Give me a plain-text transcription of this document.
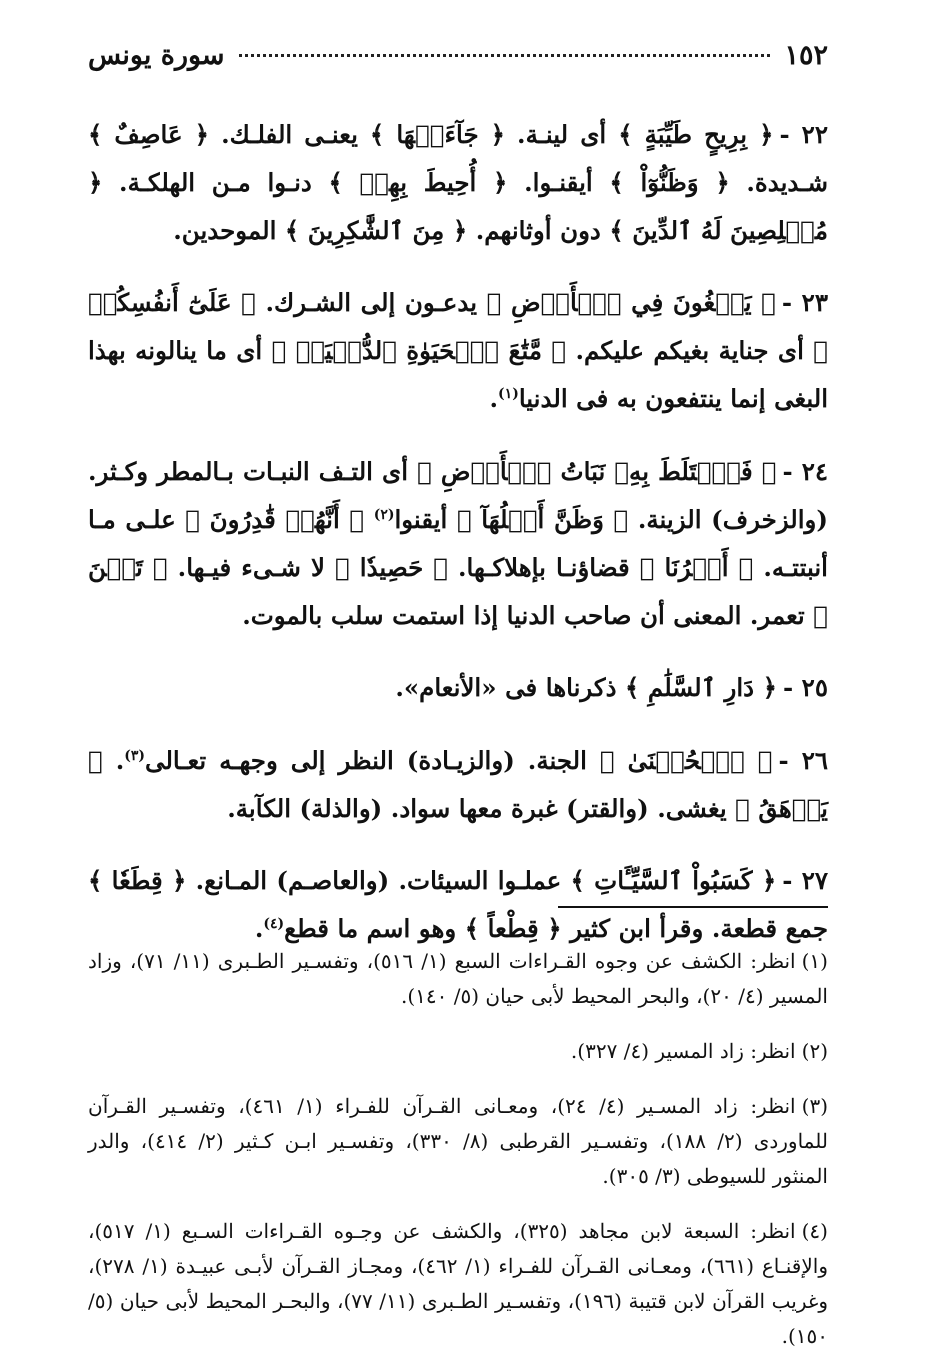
١٥٢
سورة يونس

٢٢ -﴿ بِرِيحٍ طَيِّبَةٍ ﴾ أى لينـة. ﴿ جَآءَتۡهَا ﴾ يعنـى الفلـك. ﴿ عَاصِفٌ ﴾ شـديدة. ﴿ وَظَنُّوٓاْ ﴾ أيقنـوا. ﴿ أُحِيطَ بِهِمۡ ﴾ دنـوا مـن الهلكـة. ﴿ مُخۡلِصِينَ لَهُ ٱلدِّينَ ﴾ دون أوثانهم. ﴿ مِنَ ٱلشَّٰكِرِينَ ﴾ الموحدين.

٢٣ -﴿ يَبۡغُونَ فِي ٱلۡأَرۡضِ ﴾ يدعـون إلى الشـرك. ﴿ عَلَىٰٓ أَنفُسِكُمۖ ﴾ أى جناية بغيكم عليكم. ﴿ مَّتَٰعَ ٱلۡحَيَوٰةِ ٱلدُّنۡيَاۖ ﴾ أى ما ينالونه بهذا البغى إنما ينتفعون به فى الدنيا$^{(١)}$.

٢٤ -﴿ فَٱخۡتَلَطَ بِهِۦ نَبَاتُ ٱلۡأَرۡضِ ﴾ أى التـف النبـات بـالمطر وكـثر. (والزخرف) الزينة. ﴿ وَظَنَّ أَهۡلُهَآ ﴾ أيقنوا$^{(٢)}$ ﴿ أَنَّهُمۡ قَٰدِرُونَ ﴾ علـى مـا أنبتتـه. ﴿ أَمۡرُنَا ﴾ قضاؤنـا بإهلاكـها. ﴿ حَصِيدٗا ﴾ لا شـىء فيـها. ﴿ تَغۡنَ ﴾ تعمر. المعنى أن صاحب الدنيا إذا استمت سلب بالموت.

٢٥ -﴿ دَارِ ٱلسَّلَٰمِ ﴾ ذكرناها فى «الأنعام».

٢٦ -﴿ ٱلۡحُسۡنَىٰ ﴾ الجنة. (والزيـادة) النظر إلى وجهـه تعـالى$^{(٣)}$. ﴿ يَرۡهَقُ ﴾ يغشى. (والقتر) غبرة معها سواد. (والذلة) الكآبة.

٢٧ -﴿ كَسَبُواْ ٱلسَّيِّـَٔاتِ ﴾ عملـوا السيئات. (والعاصـم) المـانع. ﴿ قِطَعٗا ﴾ جمع قطعة. وقرأ ابن كثير ﴿ قِطْعاً ﴾ وهو اسم ما قطع$^{(٤)}$.

(١)انظر: الكشف عن وجوه القـراءات السبع (١/ ٥١٦)، وتفسـير الطـبرى (١١/ ٧١)، وزاد المسير (٤/ ٢٠)، والبحر المحيط لأبى حيان (٥/ ١٤٠).

(٢)انظر: زاد المسير (٤/ ٣٢٧).

(٣)انظر: زاد المسـير (٤/ ٢٤)، ومعـانى القـرآن للفـراء (١/ ٤٦١)، وتفسـير القـرآن للماوردى (٢/ ١٨٨)، وتفسـير القرطبى (٨/ ٣٣٠)، وتفسـير ابـن كـثير (٢/ ٤١٤)، والدر المنثور للسيوطى (٣/ ٣٠٥).

(٤)انظر: السبعة لابن مجاهد (٣٢٥)، والكشف عن وجـوه القـراءات السـبع (١/ ٥١٧)، والإقنـاع (٦٦١)، ومعـانى القـرآن للفـراء (١/ ٤٦٢)، ومجـاز القـرآن لأبـى عبيـدة (١/ ٢٧٨)، وغريب القرآن لابن قتيبة (١٩٦)، وتفسـير الطـبرى (١١/ ٧٧)، والبحـر المحيط لأبى حيان (٥/ ١٥٠).
